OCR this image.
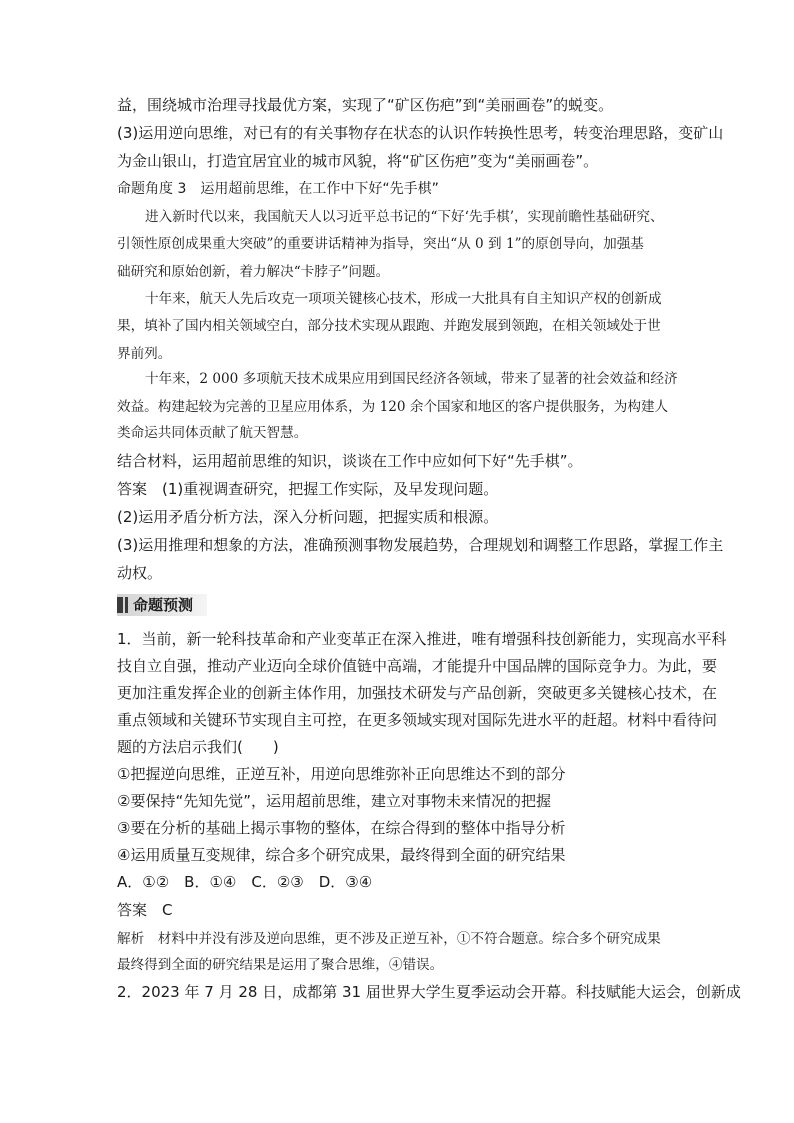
益，围绕城市治理寻找最优方案，实现了“矿区伤疤”到“美丽画卷”的蜕变。
(3)运用逆向思维，对已有的有关事物存在状态的认识作转换性思考，转变治理思路，变矿山
为金山银山，打造宜居宜业的城市风貌，将“矿区伤疤”变为“美丽画卷”。
命题角度 3　运用超前思维，在工作中下好“先手棋”
进入新时代以来，我国航天人以习近平总书记的“下好‘先手棋’，实现前瞻性基础研究、
引领性原创成果重大突破”的重要讲话精神为指导，突出“从 0 到 1”的原创导向，加强基
础研究和原始创新，着力解决“卡脖子”问题。
十年来，航天人先后攻克一项项关键核心技术，形成一大批具有自主知识产权的创新成
果，填补了国内相关领域空白，部分技术实现从跟跑、并跑发展到领跑，在相关领域处于世
界前列。
十年来，2 000 多项航天技术成果应用到国民经济各领域，带来了显著的社会效益和经济
效益。构建起较为完善的卫星应用体系，为 120 余个国家和地区的客户提供服务，为构建人
类命运共同体贡献了航天智慧。
结合材料，运用超前思维的知识，谈谈在工作中应如何下好“先手棋”。
答案　(1)重视调查研究，把握工作实际，及早发现问题。
(2)运用矛盾分析方法，深入分析问题，把握实质和根源。
(3)运用推理和想象的方法，准确预测事物发展趋势，合理规划和调整工作思路，掌握工作主
动权。
命题预测
1．当前，新一轮科技革命和产业变革正在深入推进，唯有增强科技创新能力，实现高水平科
技自立自强，推动产业迈向全球价值链中高端，才能提升中国品牌的国际竞争力。为此，要
更加注重发挥企业的创新主体作用，加强技术研发与产品创新，突破更多关键核心技术，在
重点领域和关键环节实现自主可控，在更多领域实现对国际先进水平的赶超。材料中看待问
题的方法启示我们(　　)
①把握逆向思维，正逆互补，用逆向思维弥补正向思维达不到的部分
②要保持“先知先觉”，运用超前思维，建立对事物未来情况的把握
③要在分析的基础上揭示事物的整体，在综合得到的整体中指导分析
④运用质量互变规律，综合多个研究成果，最终得到全面的研究结果
A．①②　B．①④　C．②③　D．③④
答案　C
解析　材料中并没有涉及逆向思维，更不涉及正逆互补，①不符合题意。综合多个研究成果
最终得到全面的研究结果是运用了聚合思维，④错误。
2．2023 年 7 月 28 日，成都第 31 届世界大学生夏季运动会开幕。科技赋能大运会，创新成
